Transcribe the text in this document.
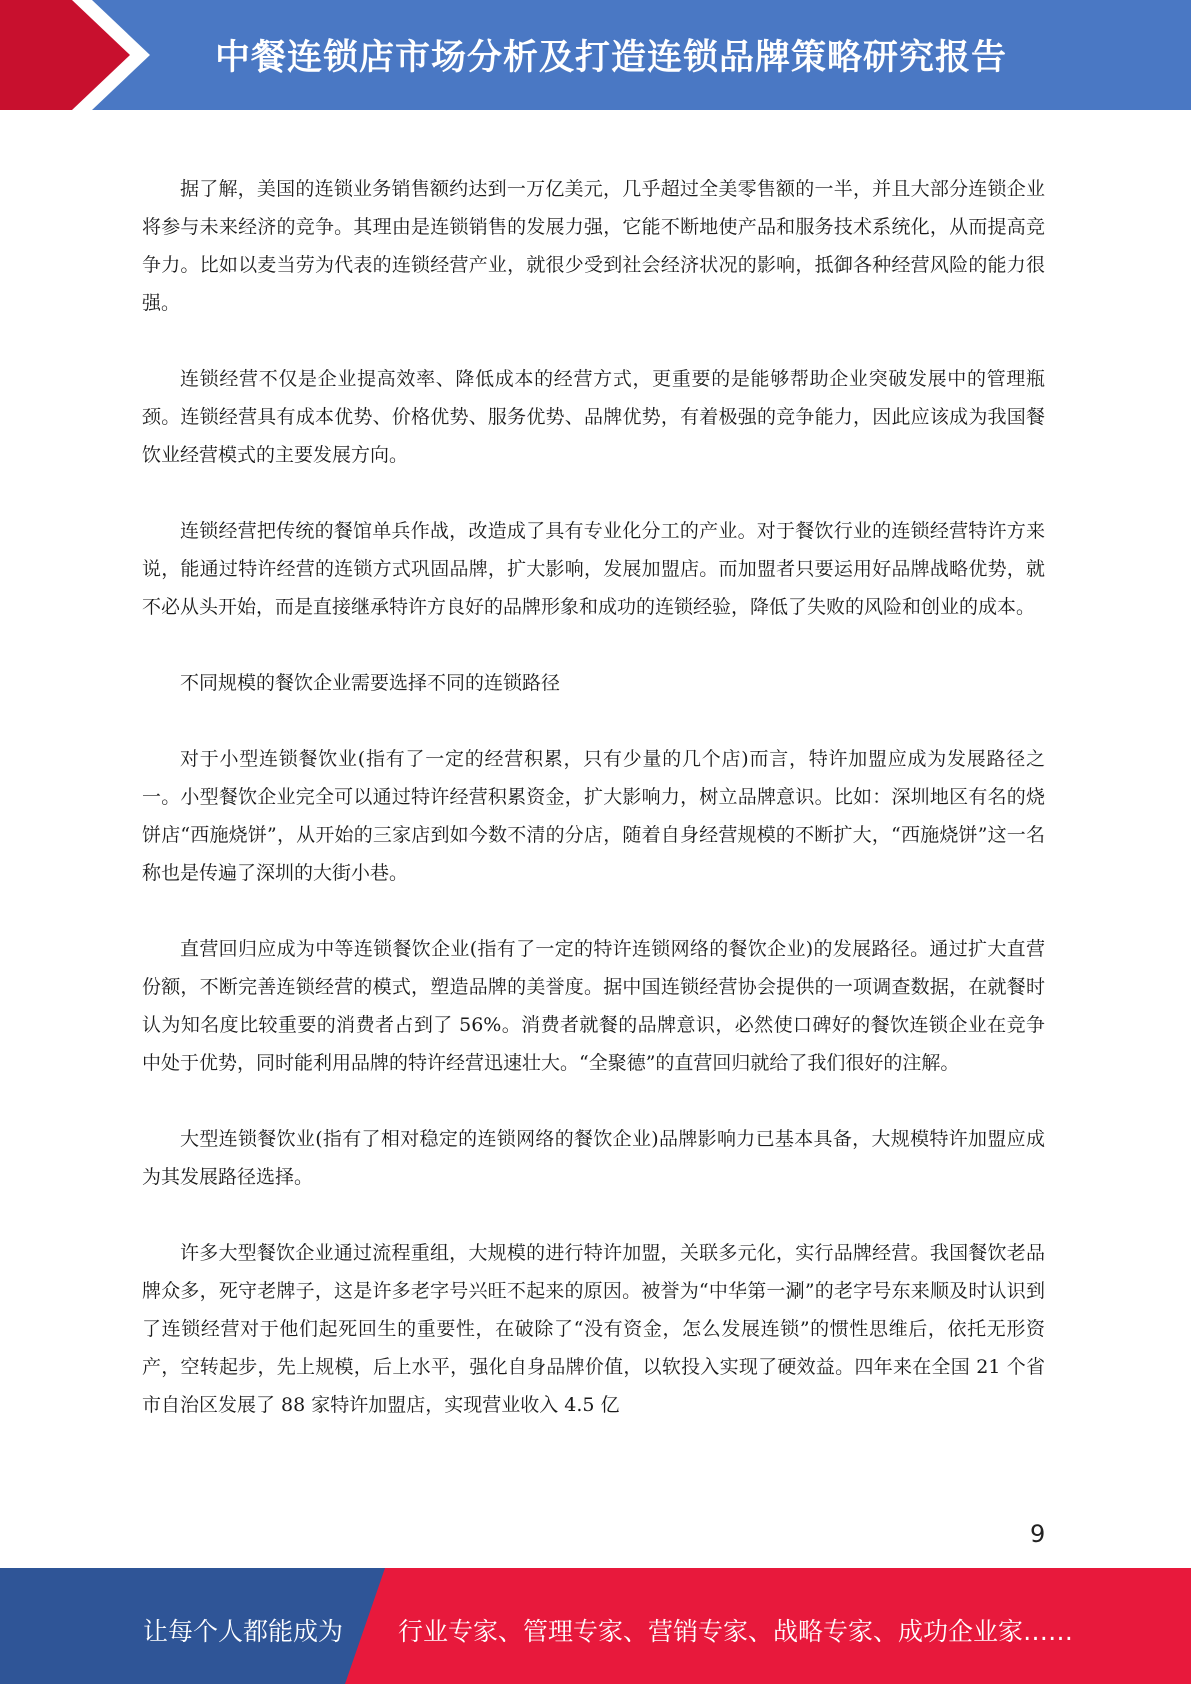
中餐连锁店市场分析及打造连锁品牌策略研究报告

据了解，美国的连锁业务销售额约达到一万亿美元，几乎超过全美零售额的一半，并且大部分连锁企业将参与未来经济的竞争。其理由是连锁销售的发展力强，它能不断地使产品和服务技术系统化，从而提高竞争力。比如以麦当劳为代表的连锁经营产业，就很少受到社会经济状况的影响，抵御各种经营风险的能力很强。

连锁经营不仅是企业提高效率、降低成本的经营方式，更重要的是能够帮助企业突破发展中的管理瓶颈。连锁经营具有成本优势、价格优势、服务优势、品牌优势，有着极强的竞争能力，因此应该成为我国餐饮业经营模式的主要发展方向。

连锁经营把传统的餐馆单兵作战，改造成了具有专业化分工的产业。对于餐饮行业的连锁经营特许方来说，能通过特许经营的连锁方式巩固品牌，扩大影响，发展加盟店。而加盟者只要运用好品牌战略优势，就不必从头开始，而是直接继承特许方良好的品牌形象和成功的连锁经验，降低了失败的风险和创业的成本。

不同规模的餐饮企业需要选择不同的连锁路径

对于小型连锁餐饮业(指有了一定的经营积累，只有少量的几个店)而言，特许加盟应成为发展路径之一。小型餐饮企业完全可以通过特许经营积累资金，扩大影响力，树立品牌意识。比如：深圳地区有名的烧饼店“西施烧饼”，从开始的三家店到如今数不清的分店，随着自身经营规模的不断扩大，“西施烧饼”这一名称也是传遍了深圳的大街小巷。

直营回归应成为中等连锁餐饮企业(指有了一定的特许连锁网络的餐饮企业)的发展路径。通过扩大直营份额，不断完善连锁经营的模式，塑造品牌的美誉度。据中国连锁经营协会提供的一项调查数据，在就餐时认为知名度比较重要的消费者占到了 56%。消费者就餐的品牌意识，必然使口碑好的餐饮连锁企业在竞争中处于优势，同时能利用品牌的特许经营迅速壮大。“全聚德”的直营回归就给了我们很好的注解。

大型连锁餐饮业(指有了相对稳定的连锁网络的餐饮企业)品牌影响力已基本具备，大规模特许加盟应成为其发展路径选择。

许多大型餐饮企业通过流程重组，大规模的进行特许加盟，关联多元化，实行品牌经营。我国餐饮老品牌众多，死守老牌子，这是许多老字号兴旺不起来的原因。被誉为“中华第一涮”的老字号东来顺及时认识到了连锁经营对于他们起死回生的重要性，在破除了“没有资金，怎么发展连锁”的惯性思维后，依托无形资产，空转起步，先上规模，后上水平，强化自身品牌价值，以软投入实现了硬效益。四年来在全国 21 个省市自治区发展了 88 家特许加盟店，实现营业收入 4.5 亿

9
让每个人都能成为 行业专家、管理专家、营销专家、战略专家、成功企业家……
